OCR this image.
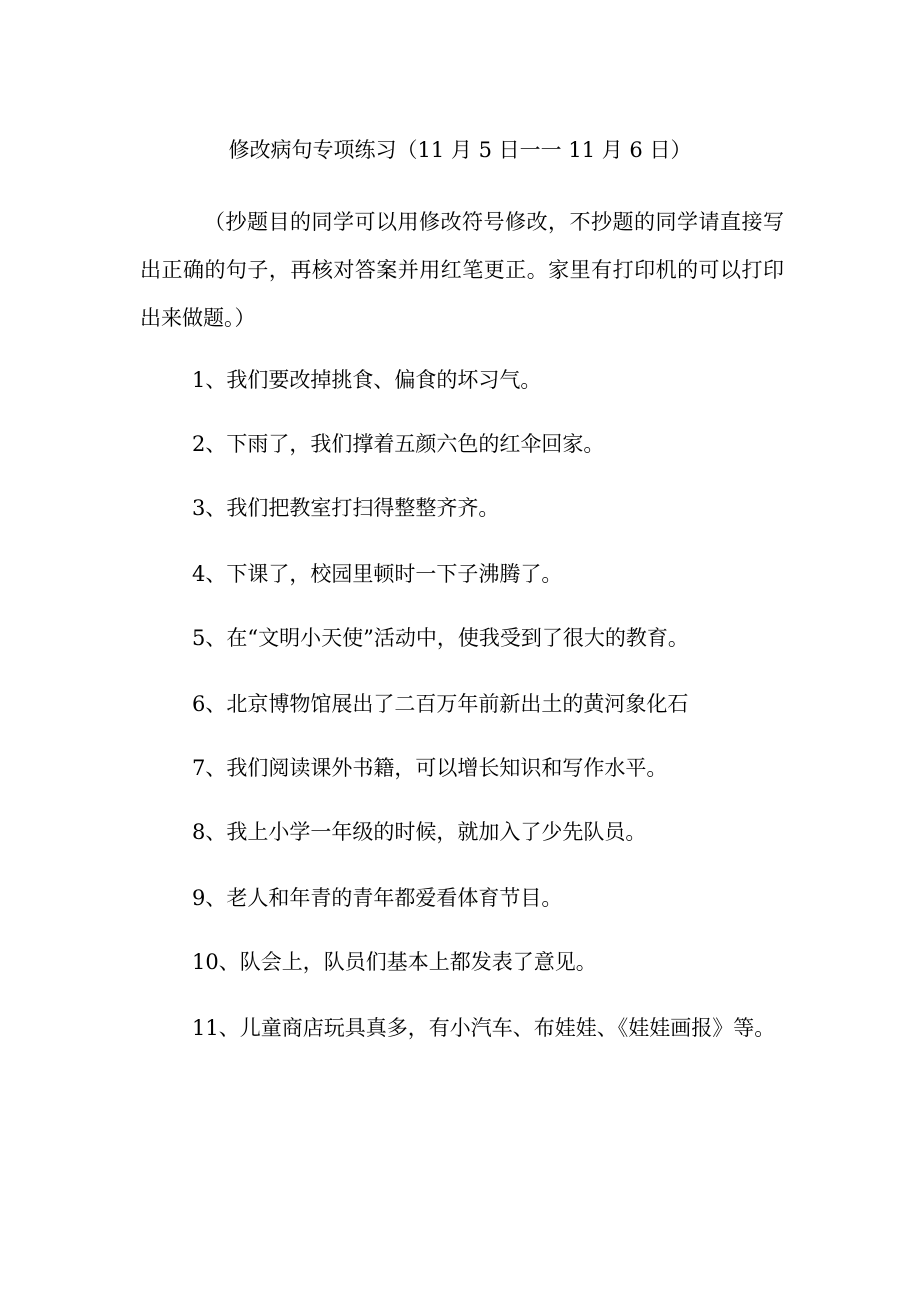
修改病句专项练习（11 月 5 日一一 11 月 6 日）
（抄题目的同学可以用修改符号修改，不抄题的同学请直接写出正确的句子，再核对答案并用红笔更正。家里有打印机的可以打印出来做题。）
1、我们要改掉挑食、偏食的坏习气。
2、下雨了，我们撑着五颜六色的红伞回家。
3、我们把教室打扫得整整齐齐。
4、下课了，校园里顿时一下子沸腾了。
5、在“文明小天使”活动中，使我受到了很大的教育。
6、北京博物馆展出了二百万年前新出土的黄河象化石
7、我们阅读课外书籍，可以增长知识和写作水平。
8、我上小学一年级的时候，就加入了少先队员。
9、老人和年青的青年都爱看体育节目。
10、队会上，队员们基本上都发表了意见。
11、儿童商店玩具真多，有小汽车、布娃娃、《娃娃画报》等。
